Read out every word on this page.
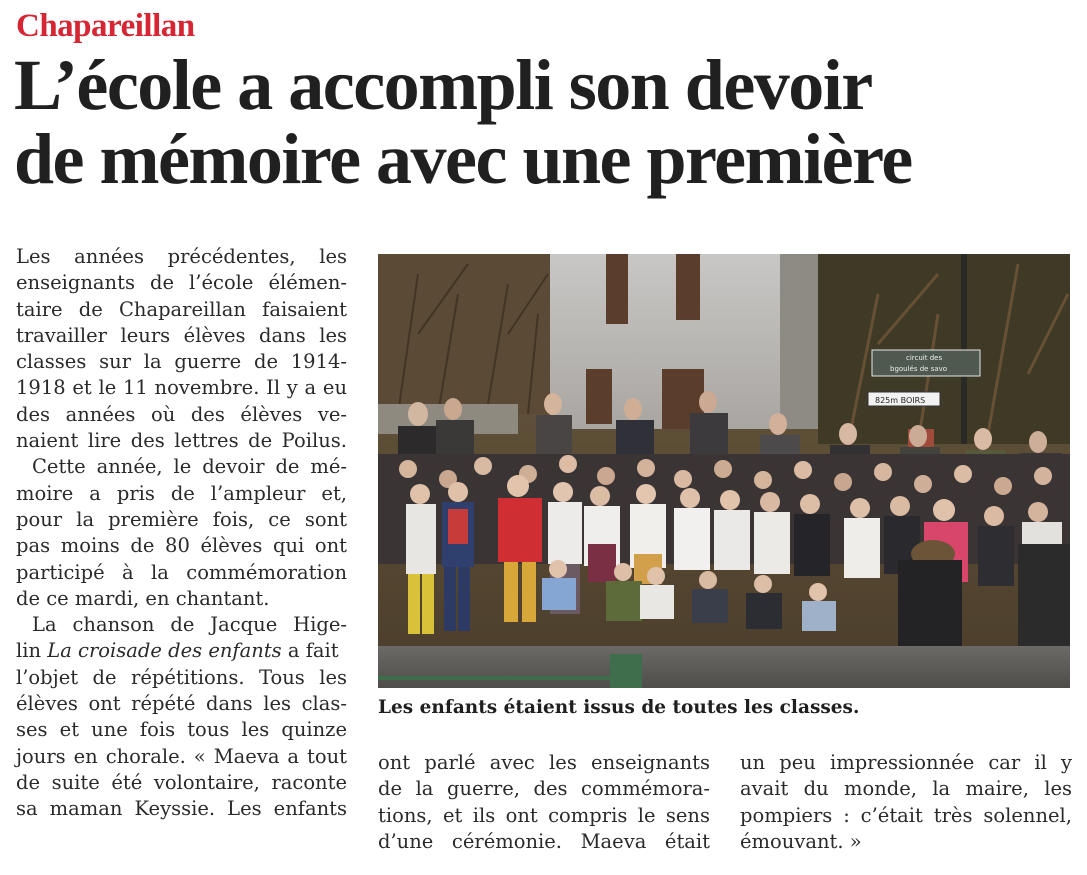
Chapareillan
L’école a accompli son devoir
de mémoire avec une première

Les années précédentes, les
enseignants de l’école élémen-
taire de Chapareillan faisaient
travailler leurs élèves dans les
classes sur la guerre de 1914-
1918 et le 11 novembre. Il y a eu
des années où des élèves ve-
naient lire des lettres de Poilus.

Cette année, le devoir de mé-
moire a pris de l’ampleur et,
pour la première fois, ce sont
pas moins de 80 élèves qui ont
participé à la commémoration
de ce mardi, en chantant.

La chanson de Jacque Hige-
lin La croisade des enfants a fait
l’objet de répétitions. Tous les
élèves ont répété dans les clas-
ses et une fois tous les quinze
jours en chorale. « Maeva a tout
de suite été volontaire, raconte
sa maman Keyssie. Les enfants

circuit des
bgoulés de savo
825m BOIRS
Les enfants étaient issus de toutes les classes.
ont parlé avec les enseignants
de la guerre, des commémora-
tions, et ils ont compris le sens
d’une cérémonie. Maeva était
un peu impressionnée car il y
avait du monde, la maire, les
pompiers : c’était très solennel,
émouvant. »
